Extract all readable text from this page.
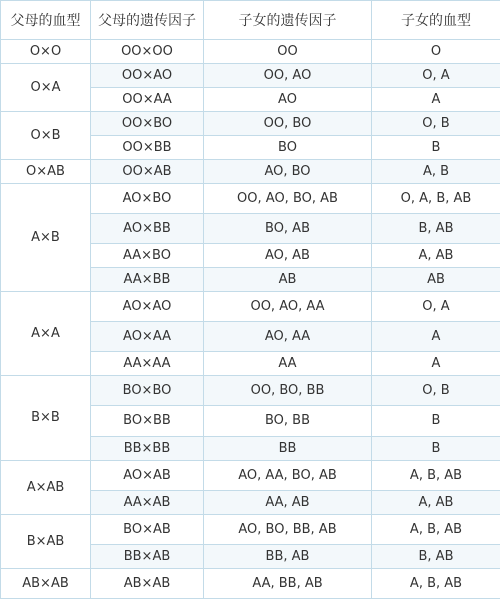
父母的血型	父母的遗传因子	子女的遗传因子	子女的血型
O×O	OO×OO	OO	O
O×A	OO×AO	OO, AO	O, A
	OO×AA	AO	A
O×B	OO×BO	OO, BO	O, B
	OO×BB	BO	B
O×AB	OO×AB	AO, BO	A, B
A×B	AO×BO	OO, AO, BO, AB	O, A, B, AB
	AO×BB	BO, AB	B, AB
	AA×BO	AO, AB	A, AB
	AA×BB	AB	AB
A×A	AO×AO	OO, AO, AA	O, A
	AO×AA	AO, AA	A
	AA×AA	AA	A
B×B	BO×BO	OO, BO, BB	O, B
	BO×BB	BO, BB	B
	BB×BB	BB	B
A×AB	AO×AB	AO, AA, BO, AB	A, B, AB
	AA×AB	AA, AB	A, AB
B×AB	BO×AB	AO, BO, BB, AB	A, B, AB
	BB×AB	BB, AB	B, AB
AB×AB	AB×AB	AA, BB, AB	A, B, AB
